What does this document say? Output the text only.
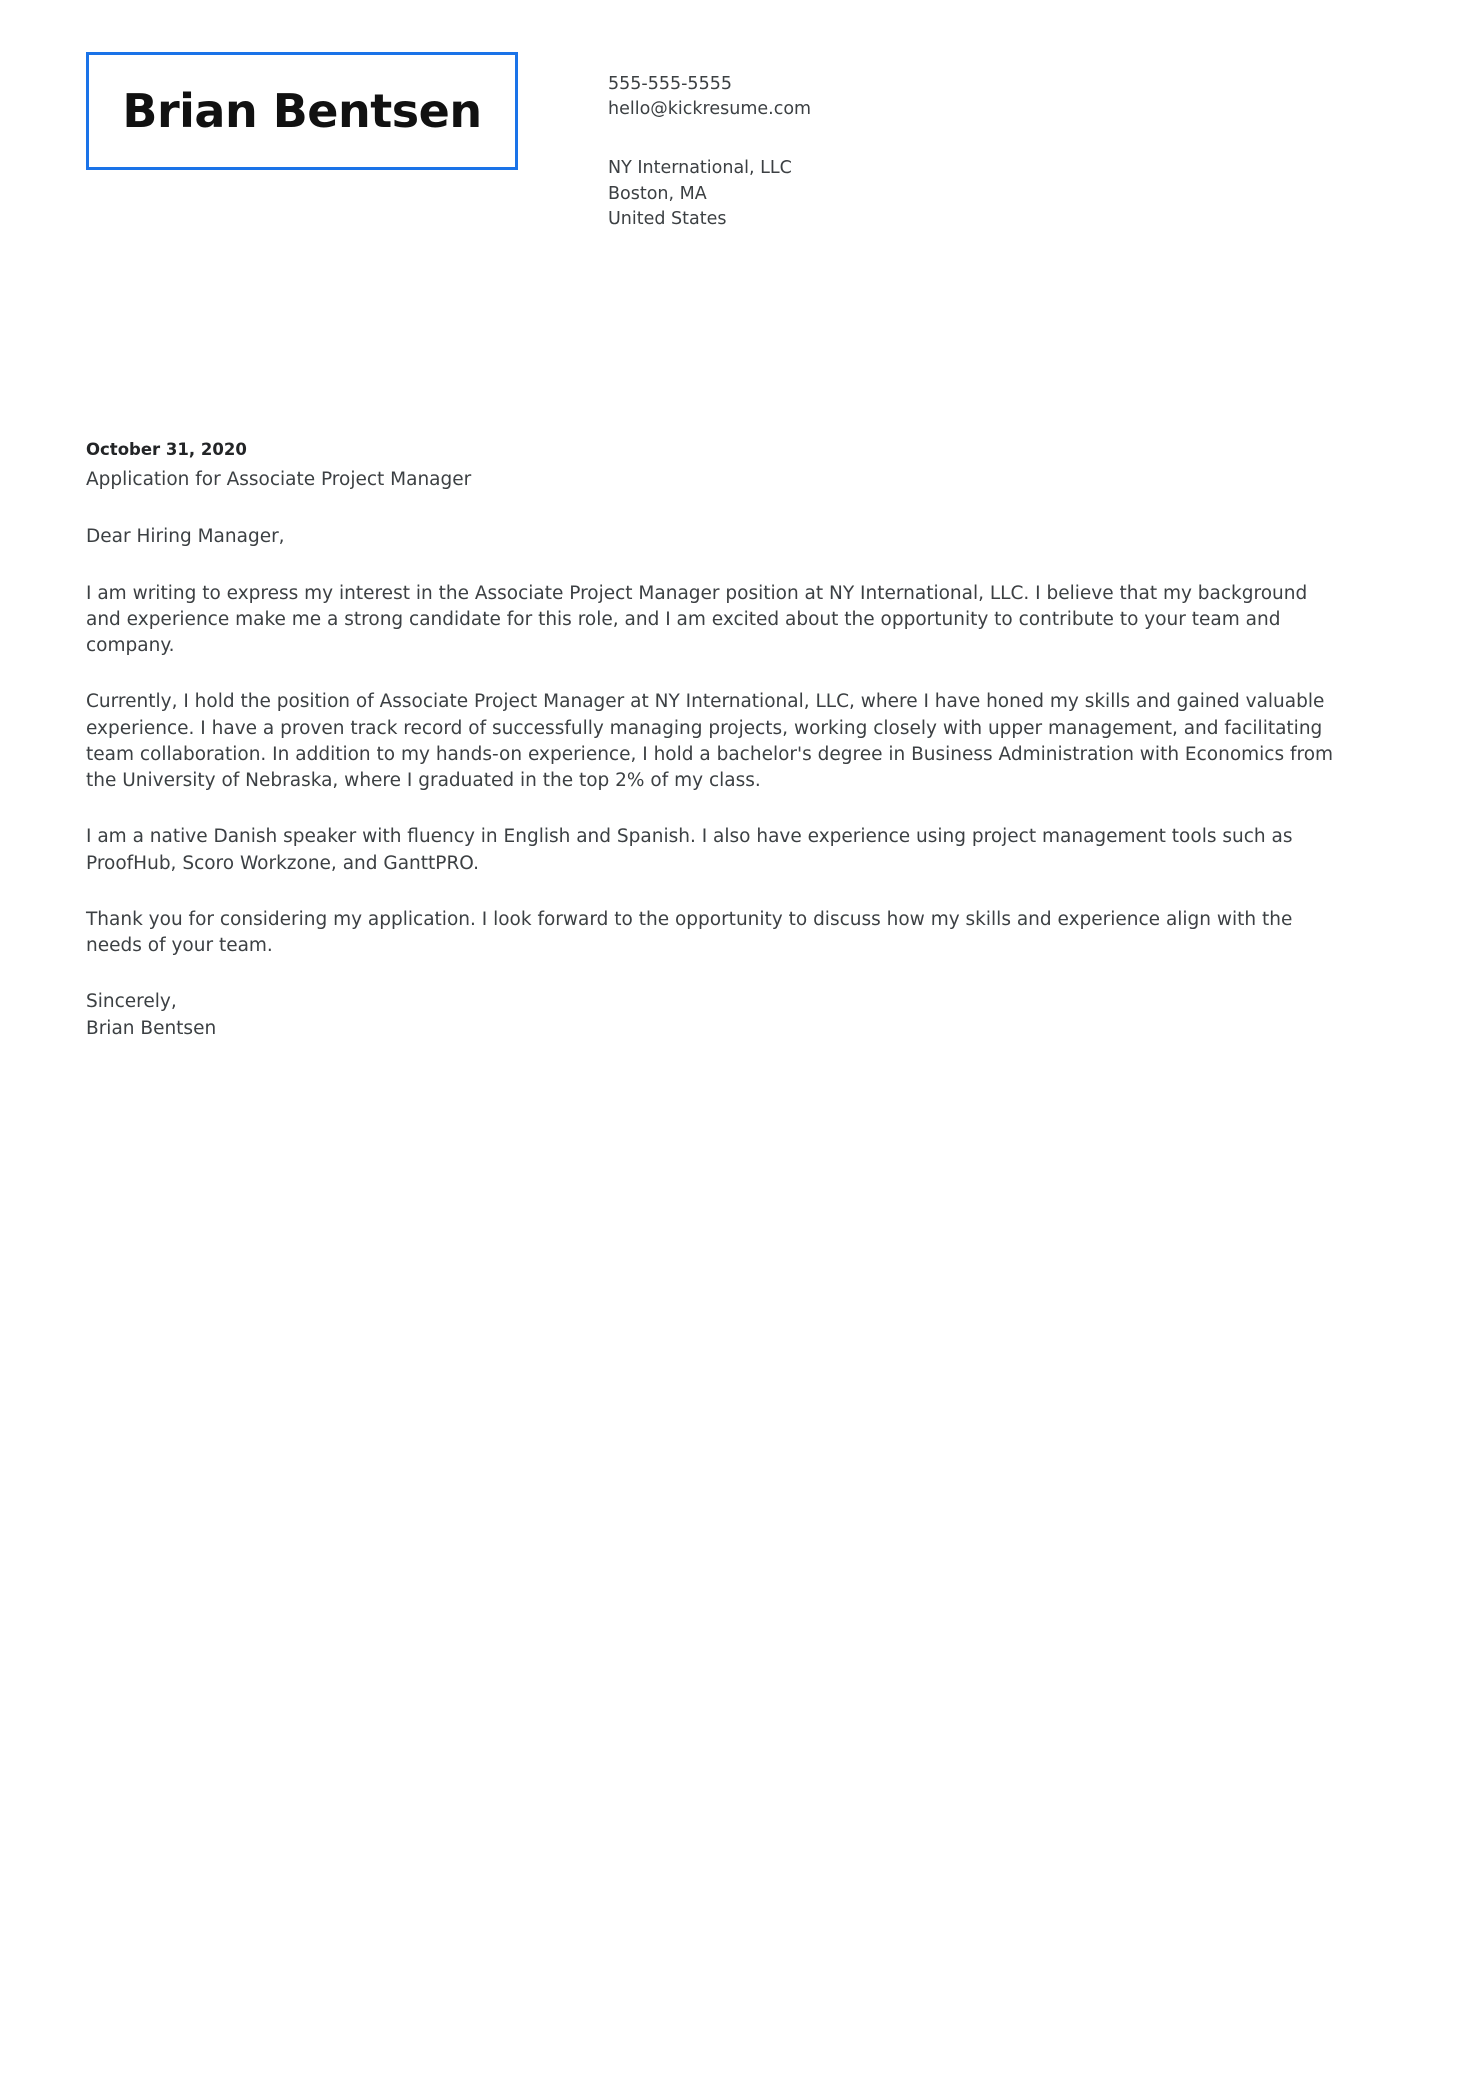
Brian Bentsen	555-555-5555
hello@kickresume.com
NY International, LLC
Boston, MA
United States
October 31, 2020
Application for Associate Project Manager
Dear Hiring Manager,

I am writing to express my interest in the Associate Project Manager position at NY International, LLC. I believe that my background and experience make me a strong candidate for this role, and I am excited about the opportunity to contribute to your team and company.

Currently, I hold the position of Associate Project Manager at NY International, LLC, where I have honed my skills and gained valuable experience. I have a proven track record of successfully managing projects, working closely with upper management, and facilitating team collaboration. In addition to my hands-on experience, I hold a bachelor's degree in Business Administration with Economics from the University of Nebraska, where I graduated in the top 2% of my class.

I am a native Danish speaker with fluency in English and Spanish. I also have experience using project management tools such as ProofHub, Scoro Workzone, and GanttPRO.

Thank you for considering my application. I look forward to the opportunity to discuss how my skills and experience align with the needs of your team.

Sincerely,
Brian Bentsen
